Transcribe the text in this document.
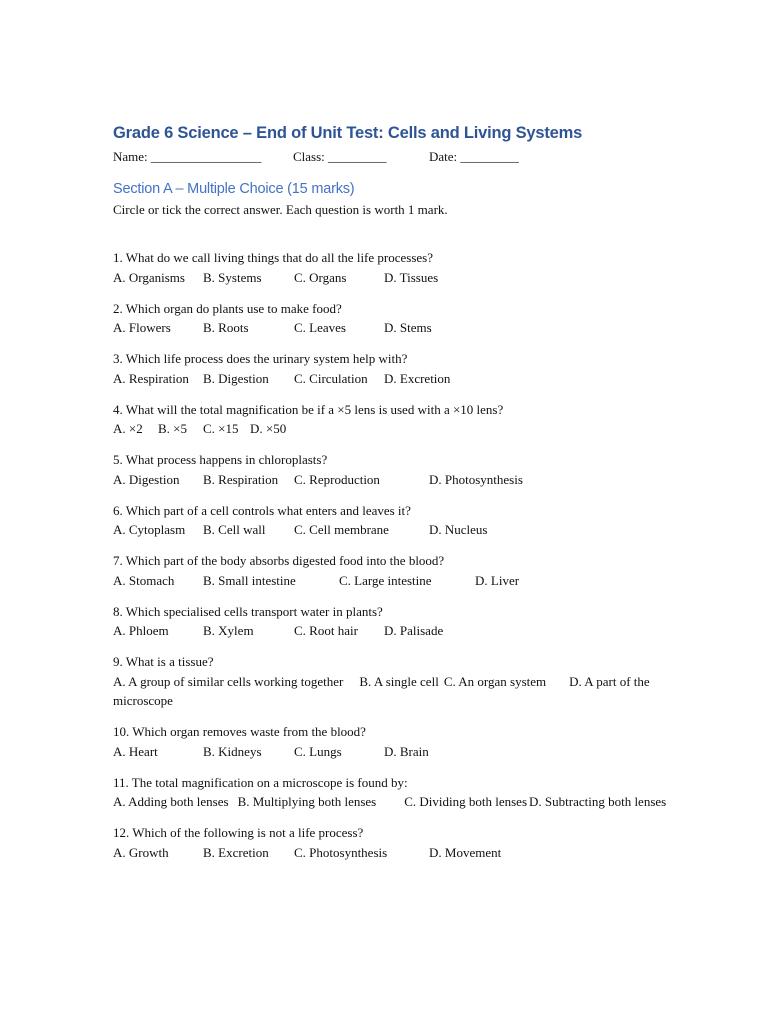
Grade 6 Science – End of Unit Test: Cells and Living Systems
Name: _________________ Class: _________	Date: _________
Section A – Multiple Choice (15 marks)
Circle or tick the correct answer. Each question is worth 1 mark.
1. What do we call living things that do all the life processes?
A. Organisms B. Systems C. Organs	D. Tissues
2. Which organ do plants use to make food?
A. Flowers B. Roots	C. Leaves	D. Stems
3. Which life process does the urinary system help with?
A. Respiration B. Digestion C. Circulation D. Excretion
4. What will the total magnification be if a ×5 lens is used with a ×10 lens?
A. ×2 B. ×5 C. ×15 D. ×50
5. What process happens in chloroplasts?
A. Digestion B. Respiration C. Reproduction	D. Photosynthesis
6. Which part of a cell controls what enters and leaves it?
A. Cytoplasm B. Cell wall C. Cell membrane	D. Nucleus
7. Which part of the body absorbs digested food into the blood?
A. Stomach B. Small intestine	C. Large intestine	D. Liver
8. Which specialised cells transport water in plants?
A. Phloem	B. Xylem	C. Root hair D. Palisade
9. What is a tissue?
A. A group of similar cells working together B. A single cell C. An organ system D. A part of the microscope
10. Which organ removes waste from the blood?
A. Heart	B. Kidneys	C. Lungs	D. Brain
11. The total magnification on a microscope is found by:
A. Adding both lenses B. Multiplying both lenses C. Dividing both lenses D. Subtracting both lenses
12. Which of the following is not a life process?
A. Growth	B. Excretion C. Photosynthesis	D. Movement
